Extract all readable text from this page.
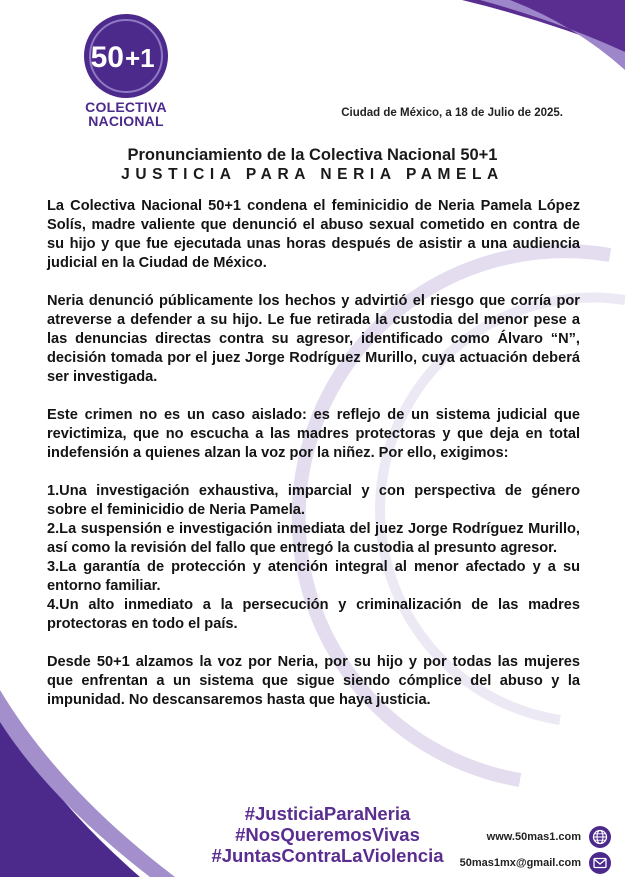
50 +1
COLECTIVA
NACIONAL	Ciudad de México, a 18 de Julio de 2025.
Pronunciamiento de la Colectiva Nacional 50+1
JUSTICIA PARA NERIA PAMELA

La Colectiva Nacional 50+1 condena el feminicidio de Neria Pamela López Solís, madre valiente que denunció el abuso sexual cometido en contra de su hijo y que fue ejecutada unas horas después de asistir a una audiencia judicial en la Ciudad de México.

Neria denunció públicamente los hechos y advirtió el riesgo que corría por atreverse a defender a su hijo. Le fue retirada la custodia del menor pese a las denuncias directas contra su agresor, identificado como Álvaro “N”, decisión tomada por el juez Jorge Rodríguez Murillo, cuya actuación deberá ser investigada.

Este crimen no es un caso aislado: es reflejo de un sistema judicial que revictimiza, que no escucha a las madres protectoras y que deja en total indefensión a quienes alzan la voz por la niñez. Por ello, exigimos:

1.Una investigación exhaustiva, imparcial y con perspectiva de género sobre el feminicidio de Neria Pamela.

2.La suspensión e investigación inmediata del juez Jorge Rodríguez Murillo, así como la revisión del fallo que entregó la custodia al presunto agresor.

3.La garantía de protección y atención integral al menor afectado y a su entorno familiar.

4.Un alto inmediato a la persecución y criminalización de las madres protectoras en todo el país.

Desde 50+1 alzamos la voz por Neria, por su hijo y por todas las mujeres que enfrentan a un sistema que sigue siendo cómplice del abuso y la impunidad. No descansaremos hasta que haya justicia.

#JusticiaParaNeria
#NosQueremosVivas
#JuntasContraLaViolencia
www.50mas1.com
50mas1mx@gmail.com
